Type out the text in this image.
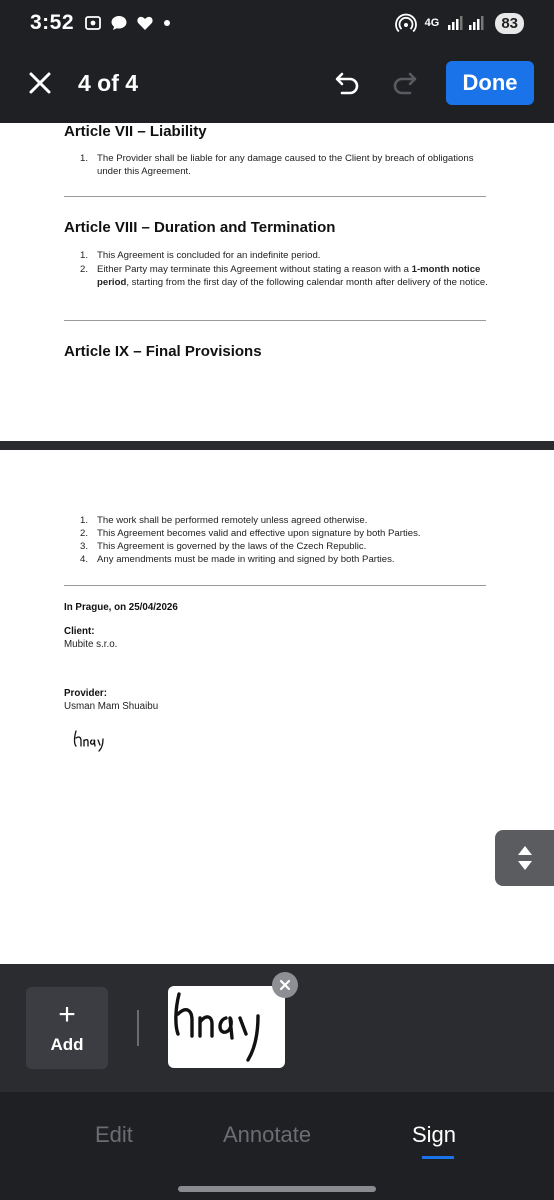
3:52	4G	83
4 of 4	Done
Article VII – Liability
1. The Provider shall be liable for any damage caused to the Client by breach of obligations under this Agreement.
Article VIII – Duration and Termination
1. This Agreement is concluded for an indefinite period.
2. Either Party may terminate this Agreement without stating a reason with a 1-month notice period, starting from the first day of the following calendar month after delivery of the notice.
Article IX – Final Provisions
1. The work shall be performed remotely unless agreed otherwise.
2. This Agreement becomes valid and effective upon signature by both Parties.
3. This Agreement is governed by the laws of the Czech Republic.
4. Any amendments must be made in writing and signed by both Parties.
In Prague, on 25/04/2026
Client:
Mubite s.r.o.
Provider:
Usman Mam Shuaibu
+
Add
Edit	Annotate	Sign
